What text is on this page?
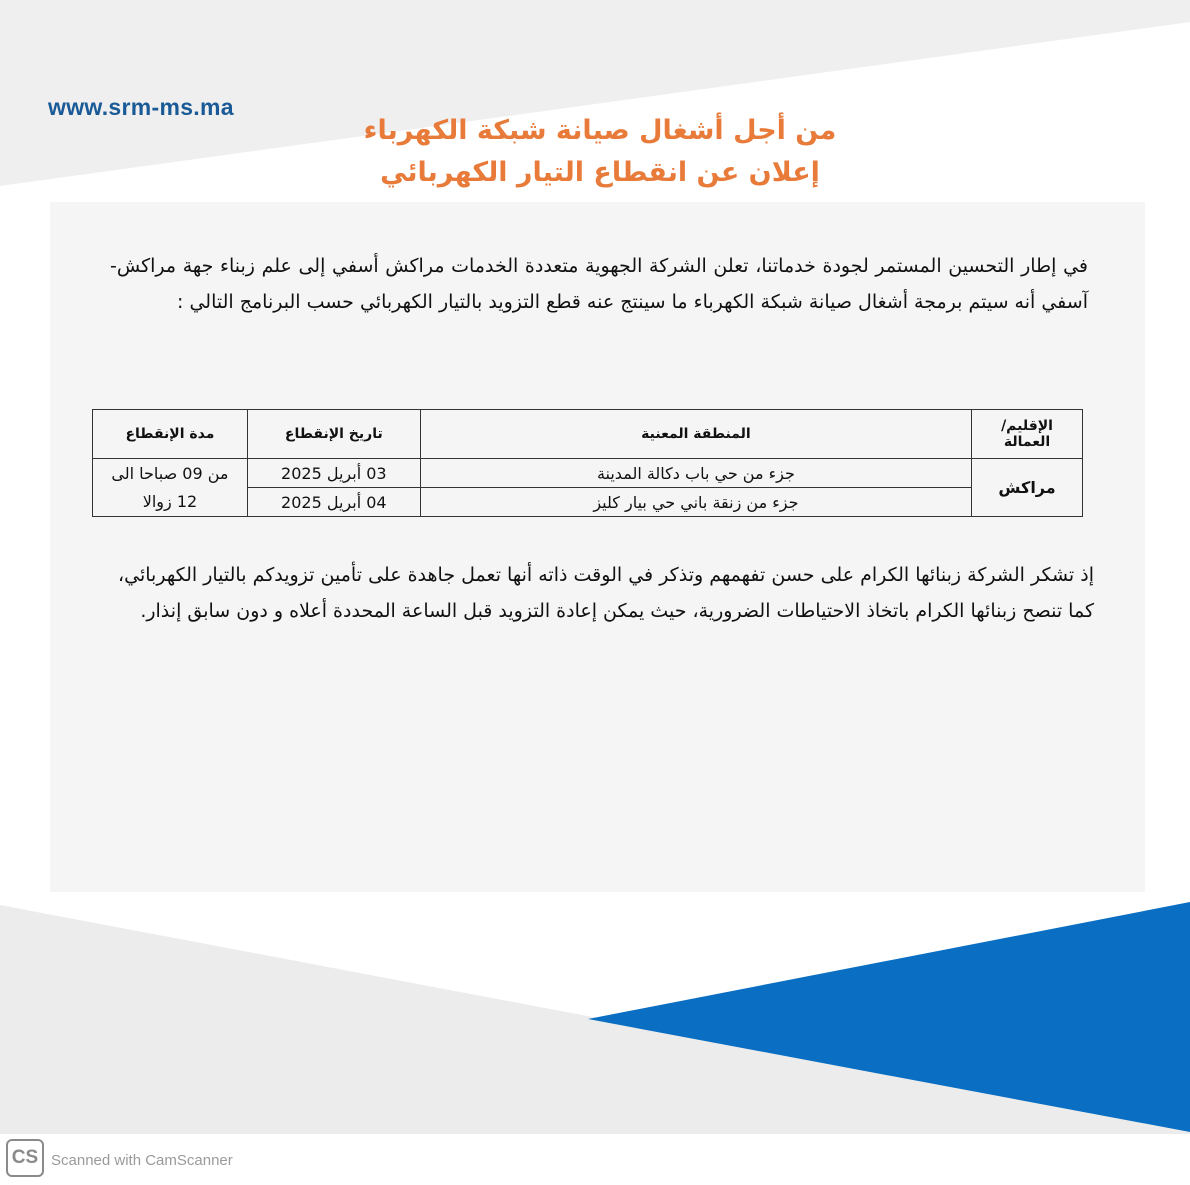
www.srm-ms.ma
من أجل أشغال صيانة شبكة الكهرباء
إعلان عن انقطاع التيار الكهربائي
في إطار التحسين المستمر لجودة خدماتنا، تعلن الشركة الجهوية متعددة الخدمات مراكش أسفي إلى علم زبناء جهة مراكش- آسفي أنه سيتم برمجة أشغال صيانة شبكة الكهرباء ما سينتج عنه قطع التزويد بالتيار الكهربائي حسب البرنامج التالي :
الإقليم/العمالة	المنطقة المعنية	تاريخ الإنقطاع	مدة الإنقطاع
مراكش	جزء من حي باب دكالة المدينة	03 أبريل 2025	من 09 صباحا الى 12 زوالا
	جزء من زنقة باني حي بيار كليز	04 أبريل 2025	
إذ تشكر الشركة زبنائها الكرام على حسن تفهمهم وتذكر في الوقت ذاته أنها تعمل جاهدة على تأمين تزويدكم بالتيار الكهربائي، كما تنصح زبنائها الكرام باتخاذ الاحتياطات الضرورية، حيث يمكن إعادة التزويد قبل الساعة المحددة أعلاه و دون سابق إنذار.
CS Scanned with CamScanner
